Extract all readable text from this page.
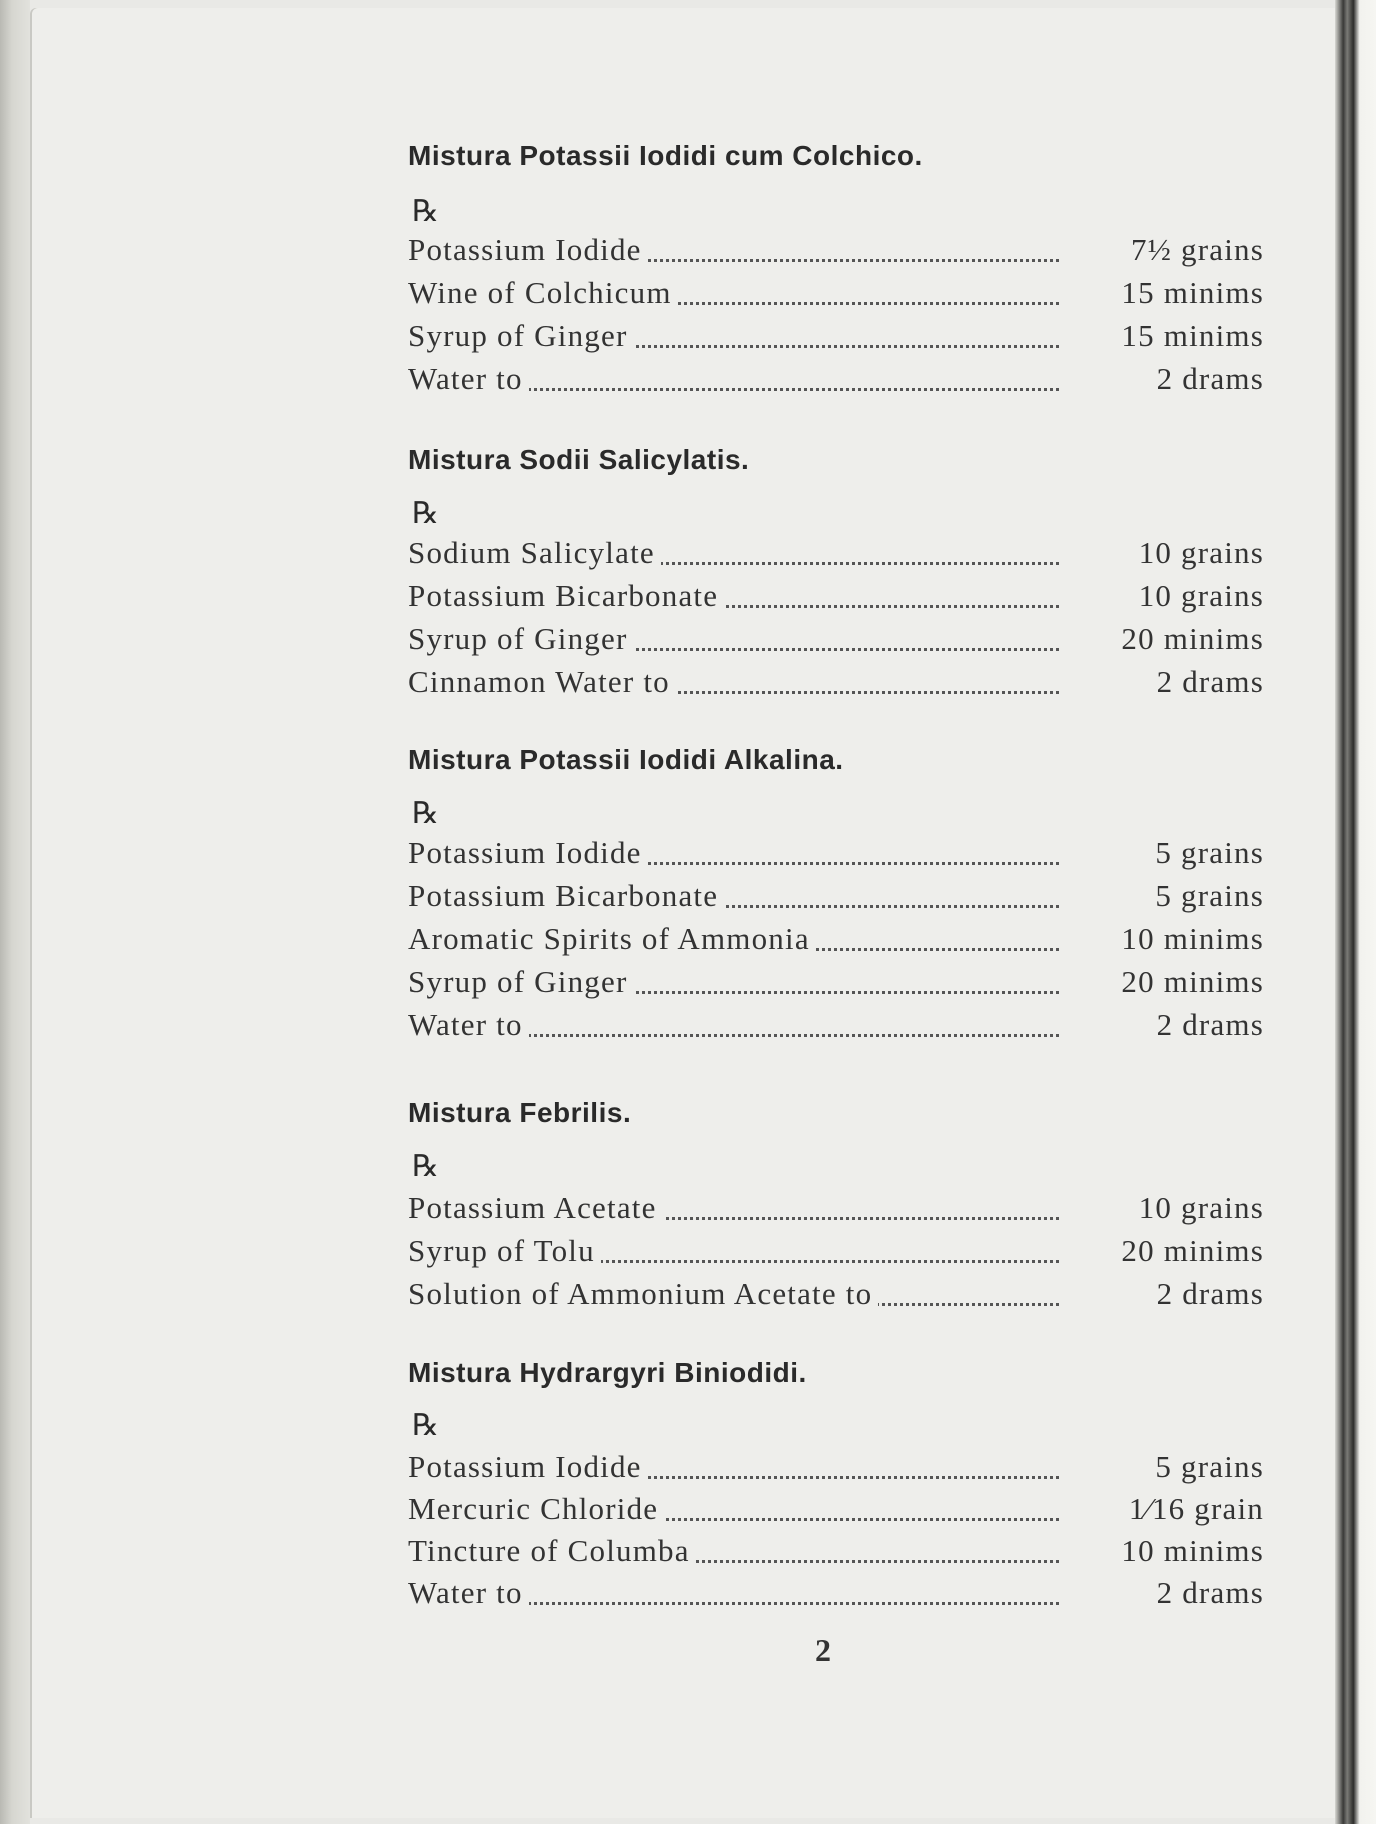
Mistura Potassii Iodidi cum Colchico.
℞
Potassium Iodide	7½ grains
Wine of Colchicum	15 minims
Syrup of Ginger	15 minims
Water to	2 drams
Mistura Sodii Salicylatis.
℞
Sodium Salicylate	10 grains
Potassium Bicarbonate	10 grains
Syrup of Ginger	20 minims
Cinnamon Water to	2 drams
Mistura Potassii Iodidi Alkalina.
℞
Potassium Iodide	5 grains
Potassium Bicarbonate	5 grains
Aromatic Spirits of Ammonia	10 minims
Syrup of Ginger	20 minims
Water to	2 drams
Mistura Febrilis.
℞
Potassium Acetate	10 grains
Syrup of Tolu	20 minims
Solution of Ammonium Acetate to	2 drams
Mistura Hydrargyri Biniodidi.
℞
Potassium Iodide	5 grains
Mercuric Chloride	1⁄16 grain
Tincture of Columba	10 minims
Water to	2 drams
2
